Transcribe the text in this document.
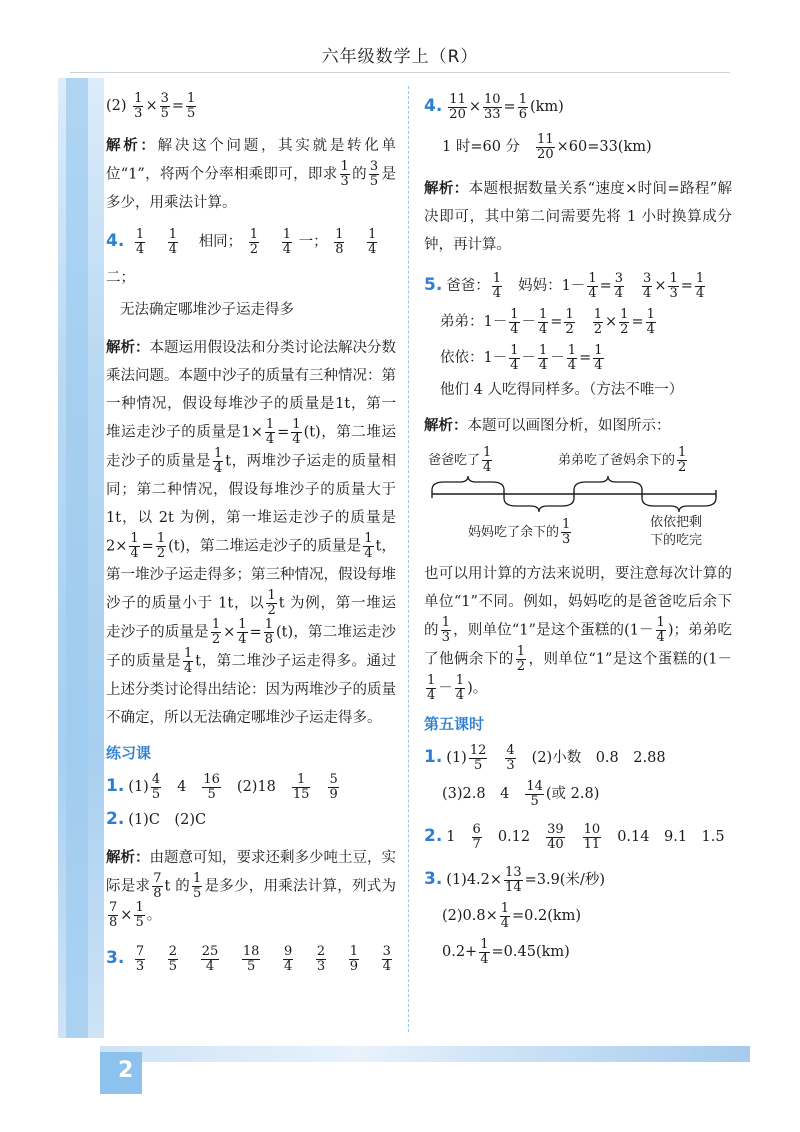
六年级数学上（R）
2

$(2) \frac{1}{3} \times \frac{3}{5} = \frac{1}{5}$

解析：解决这个问题，其实就是转化单位“1”，将两个分率相乘即可，即求 $\frac{1}{3}$ 的 $\frac{3}{5}$ 是多少，用乘法计算。

4. $\frac{1}{4}$
$\frac{1}{4}$ 相同； $\frac{1}{2}$
$\frac{1}{4}$ 一； $\frac{1}{8}$
$\frac{1}{4}$
二；

无法确定哪堆沙子运走得多

解析：本题运用假设法和分类讨论法解决分数乘法问题。本题中沙子的质量有三种情况：第一种情况，假设每堆沙子的质量是1t，第一堆运走沙子的质量是$1\times \frac{1}{4} = \frac{1}{4} (t)$，第二堆运走沙子的质量是 $\frac{1}{4}$ t，两堆沙子运走的质量相同；第二种情况，假设每堆沙子的质量大于 1t，以 2t 为例，第一堆运走沙子的质量是 $2\times \frac{1}{4} = \frac{1}{2} (t)$，第二堆运走沙子的质量是 $\frac{1}{4}$ t，第一堆沙子运走得多；第三种情况，假设每堆沙子的质量小于 1t，以 $\frac{1}{2}$ t 为例，第一堆运走沙子的质量是 $\frac{1}{2} \times \frac{1}{4} = \frac{1}{8} (t)$，第二堆运走沙子的质量是 $\frac{1}{4}$ t，第二堆沙子运走得多。通过上述分类讨论得出结论：因为两堆沙子的质量不确定，所以无法确定哪堆沙子运走得多。

练习课

1. $(1) \frac{4}{5} 4 \frac{16}{5} (2)18 \frac{1}{15} \frac{5}{9}$

2. (1)C　(2)C

解析：由题意可知，要求还剩多少吨土豆，实际是求 $\frac{7}{8}$ t 的 $\frac{1}{5}$ 是多少，用乘法计算，列式为
$\frac{7}{8} \times \frac{1}{5}$ 。

3. $\frac{7}{3}$
$\frac{2}{5}$
$\frac{25}{4}$
$\frac{18}{5}$
$\frac{9}{4}$
$\frac{2}{3}$
$\frac{1}{9}$
$\frac{3}{4}$

4. $\frac{11}{20} \times \frac{10}{33} = \frac{1}{6} (km)$

1 时=60 分 $\frac{11}{20} \times 60=33(km)$

解析：本题根据数量关系“速度×时间=路程”解决即可，其中第二问需要先将 1 小时换算成分钟，再计算。

5. 爸爸： $\frac{1}{4}$ 妈妈：$1- \frac{1}{4} = \frac{3}{4} \frac{3}{4} \times \frac{1}{3} = \frac{1}{4}$

弟弟：$1- \frac{1}{4} - \frac{1}{4} = \frac{1}{2} \frac{1}{2} \times \frac{1}{2} = \frac{1}{4}$

依依：$1- \frac{1}{4} - \frac{1}{4} - \frac{1}{4} = \frac{1}{4}$

他们 4 人吃得同样多。（方法不唯一）

解析：本题可以画图分析，如图所示：

爸爸吃了 $\frac{1}{4}$	弟弟吃了爸妈余下的 $\frac{1}{2}$
妈妈吃了余下的 $\frac{1}{3}$	依依把剩
下的吃完

也可以用计算的方法来说明，要注意每次计算的单位“1”不同。例如，妈妈吃的是爸爸吃后余下的 $\frac{1}{3}$ ，则单位“1”是这个蛋糕的($1- \frac{1}{4}$ )；弟弟吃了他俩余下的 $\frac{1}{2}$ ，则单位“1”是这个蛋糕的(1－
$\frac{1}{4} - \frac{1}{4}$ )。

第五课时

1. $(1) \frac{12}{5} \frac{4}{3} (2)$小数　0.8　2.88

(3)2.8　$4 \frac{14}{5}$ (或 2.8)

2. $1 \frac{6}{7} 0.12 \frac{39}{40} \frac{10}{11} 0.14$　9.1　1.5

3. $(1)4.2\times \frac{13}{14} =3.9$(米/秒)

$(2)0.8\times \frac{1}{4} =0.2(km)$

$0.2+ \frac{1}{4} =0.45(km)$
